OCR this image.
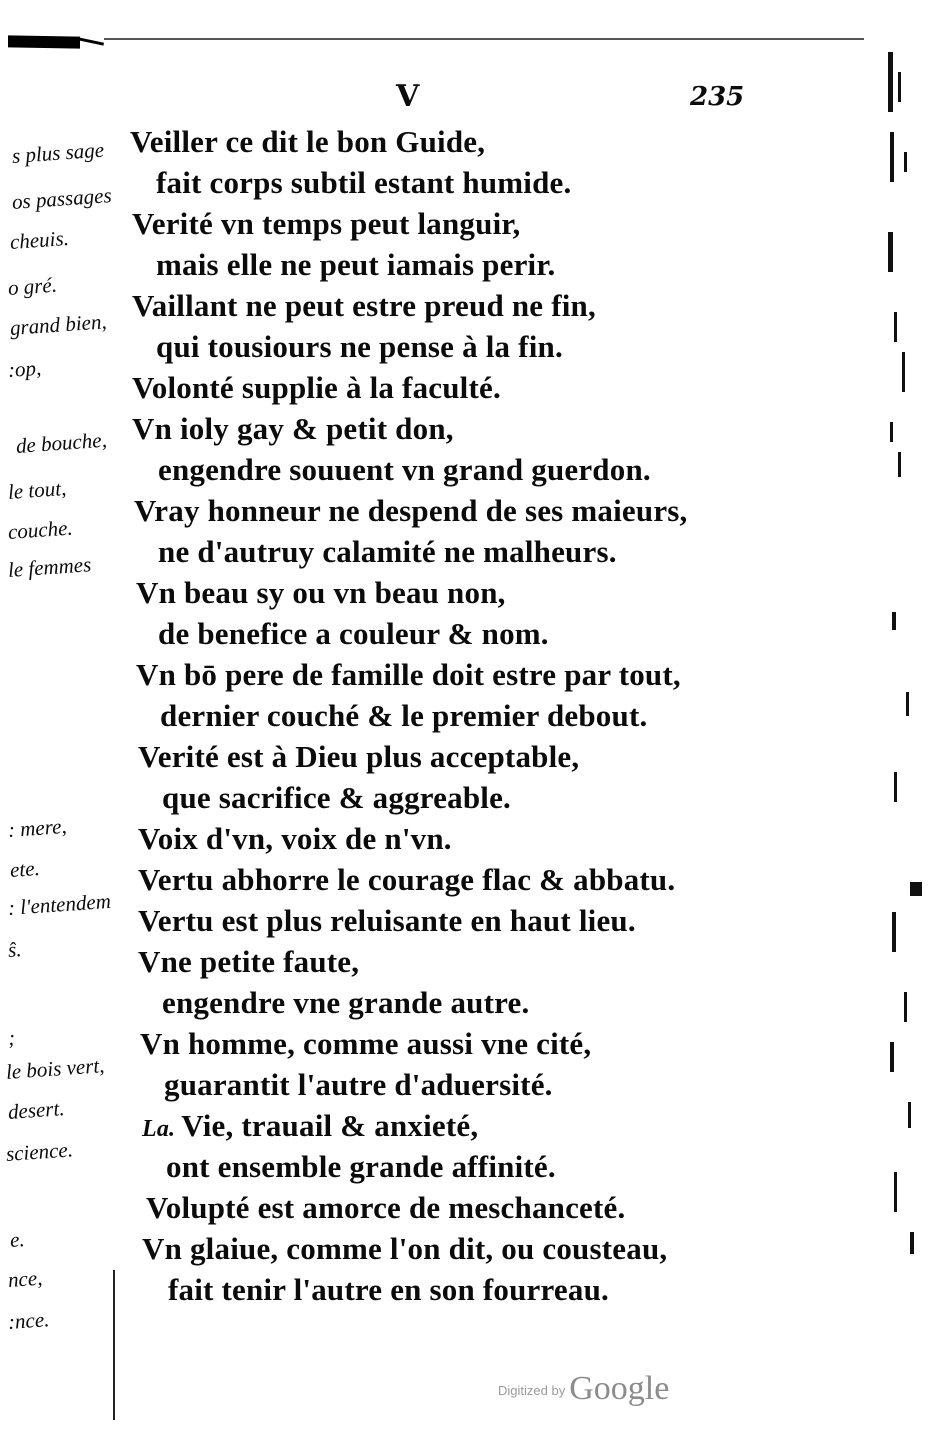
V	235
s plus sage
os passages
cheuis.
o gré.
grand bien,
:op,
de bouche,
le tout,
couche.
le femmes
: mere,
ete.
: l'entendem
ŝ.
;
le bois vert,
desert.
science.
e.
nce,
:nce.
Veiller ce dit le bon Guide,
fait corps subtil estant humide.
Verité vn temps peut languir,
mais elle ne peut iamais perir.
Vaillant ne peut estre preud ne fin,
qui tousiours ne pense à la fin.
Volonté supplie à la faculté.
Vn ioly gay & petit don,
engendre souuent vn grand guerdon.
Vray honneur ne despend de ses maieurs,
ne d'autruy calamité ne malheurs.
Vn beau sy ou vn beau non,
de benefice a couleur & nom.
Vn bō pere de famille doit estre par tout,
dernier couché & le premier debout.
Verité est à Dieu plus acceptable,
que sacrifice & aggreable.
Voix d'vn, voix de n'vn.
Vertu abhorre le courage flac & abbatu.
Vertu est plus reluisante en haut lieu.
Vne petite faute,
engendre vne grande autre.
Vn homme, comme aussi vne cité,
guarantit l'autre d'aduersité.
La. Vie, trauail & anxieté,
ont ensemble grande affinité.
Volupté est amorce de meschanceté.
Vn glaiue, comme l'on dit, ou cousteau,
fait tenir l'autre en son fourreau.
$^{Digitized by}$ Google
